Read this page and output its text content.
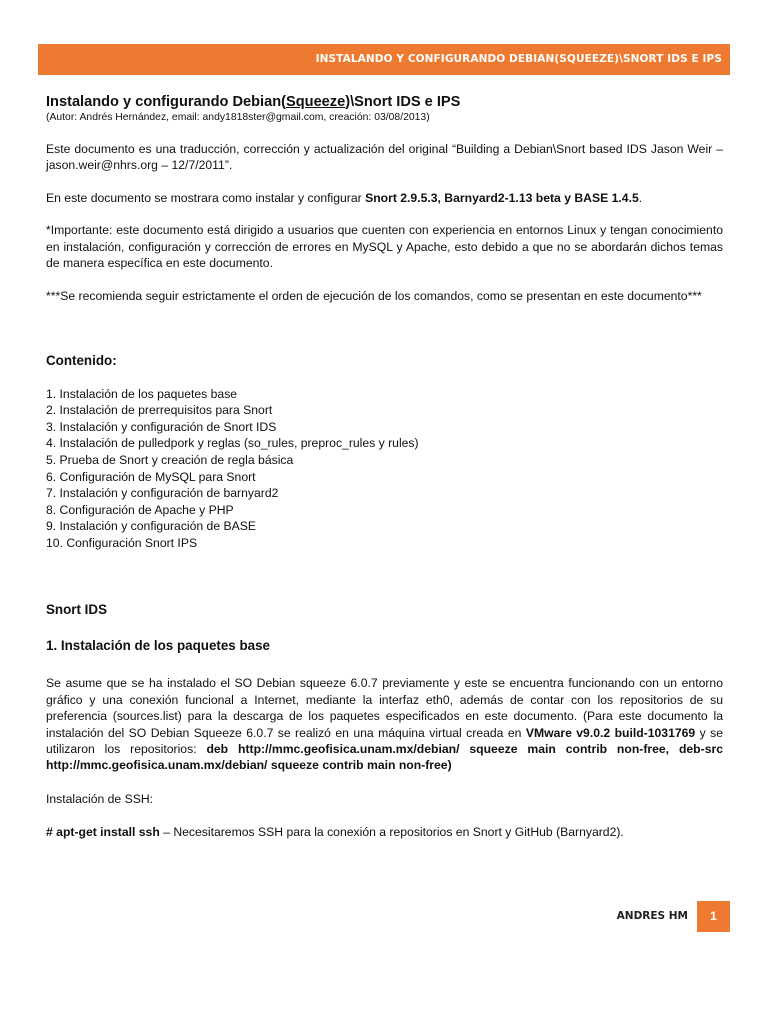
INSTALANDO Y CONFIGURANDO DEBIAN(SQUEEZE)\SNORT IDS E IPS
Instalando y configurando Debian(Squeeze)\Snort IDS e IPS

(Autor: Andrés Hernández, email: andy1818ster@gmail.com, creación: 03/08/2013)

Este documento es una traducción, corrección y actualización del original “Building a Debian\Snort based IDS Jason Weir – jason.weir@nhrs.org – 12/7/2011”.

En este documento se mostrara como instalar y configurar Snort 2.9.5.3, Barnyard2-1.13 beta y BASE 1.4.5.

*Importante: este documento está dirigido a usuarios que cuenten con experiencia en entornos Linux y tengan conocimiento en instalación, configuración y corrección de errores en MySQL y Apache, esto debido a que no se abordarán dichos temas de manera específica en este documento.

***Se recomienda seguir estrictamente el orden de ejecución de los comandos, como se presentan en este documento***

Contenido:
1. Instalación de los paquetes base
2. Instalación de prerrequisitos para Snort
3. Instalación y configuración de Snort IDS
4. Instalación de pulledpork y reglas (so_rules, preproc_rules y rules)
5. Prueba de Snort y creación de regla básica
6. Configuración de MySQL para Snort
7. Instalación y configuración de barnyard2
8. Configuración de Apache y PHP
9. Instalación y configuración de BASE
10. Configuración Snort IPS
Snort IDS
1. Instalación de los paquetes base

Se asume que se ha instalado el SO Debian squeeze 6.0.7 previamente y este se encuentra funcionando con un entorno gráfico y una conexión funcional a Internet, mediante la interfaz eth0, además de contar con los repositorios de su preferencia (sources.list) para la descarga de los paquetes especificados en este documento. (Para este documento la instalación del SO Debian Squeeze 6.0.7 se realizó en una máquina virtual creada en VMware v9.0.2 build-1031769 y se utilizaron los repositorios: deb http://mmc.geofisica.unam.mx/debian/ squeeze main contrib non-free, deb-src http://mmc.geofisica.unam.mx/debian/ squeeze contrib main non-free)

Instalación de SSH:

# apt-get install ssh – Necesitaremos SSH para la conexión a repositorios en Snort y GitHub (Barnyard2).

ANDRES HM	1
